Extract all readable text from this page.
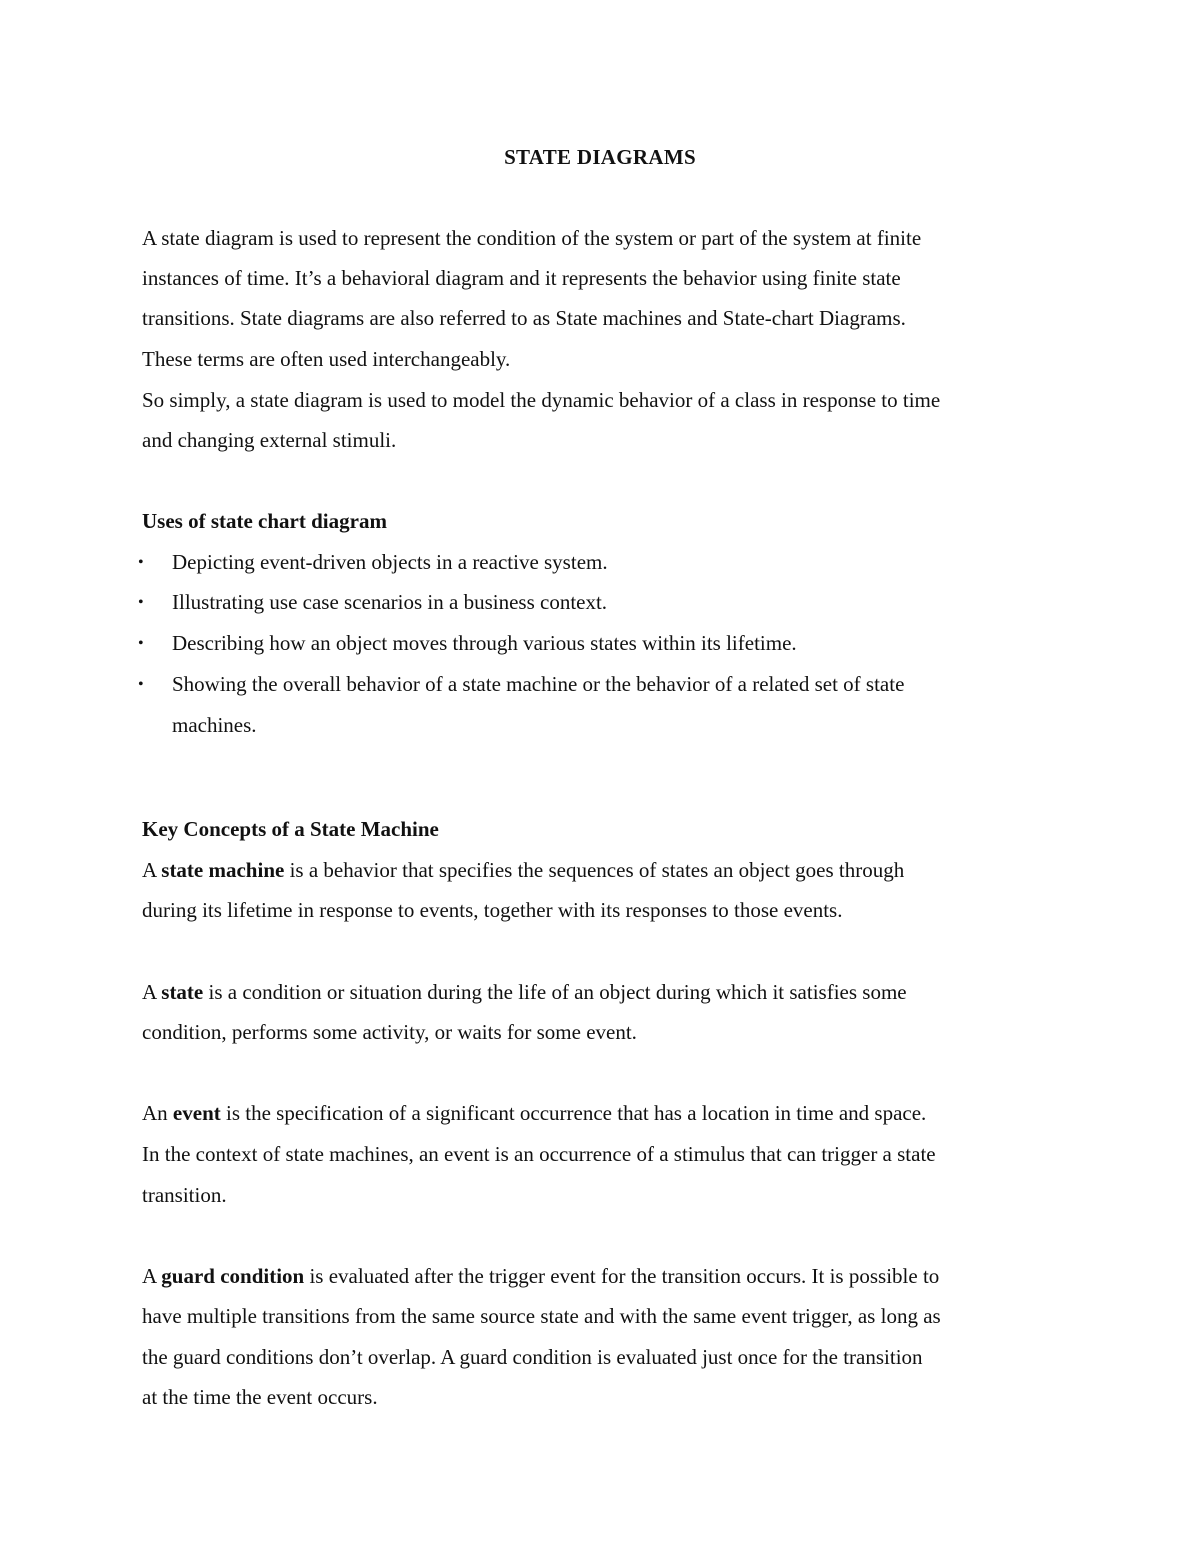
STATE DIAGRAMS
A state diagram is used to represent the condition of the system or part of the system at finite
instances of time. It’s a behavioral diagram and it represents the behavior using finite state
transitions. State diagrams are also referred to as State machines and State-chart Diagrams.
These terms are often used interchangeably.
So simply, a state diagram is used to model the dynamic behavior of a class in response to time
and changing external stimuli.
Uses of state chart diagram
• Depicting event-driven objects in a reactive system.
• Illustrating use case scenarios in a business context.
• Describing how an object moves through various states within its lifetime.
• Showing the overall behavior of a state machine or the behavior of a related set of state
machines.
Key Concepts of a State Machine
A state machine is a behavior that specifies the sequences of states an object goes through
during its lifetime in response to events, together with its responses to those events.
A state is a condition or situation during the life of an object during which it satisfies some
condition, performs some activity, or waits for some event.
An event is the specification of a significant occurrence that has a location in time and space.
In the context of state machines, an event is an occurrence of a stimulus that can trigger a state
transition.
A guard condition is evaluated after the trigger event for the transition occurs. It is possible to
have multiple transitions from the same source state and with the same event trigger, as long as
the guard conditions don’t overlap. A guard condition is evaluated just once for the transition
at the time the event occurs.
